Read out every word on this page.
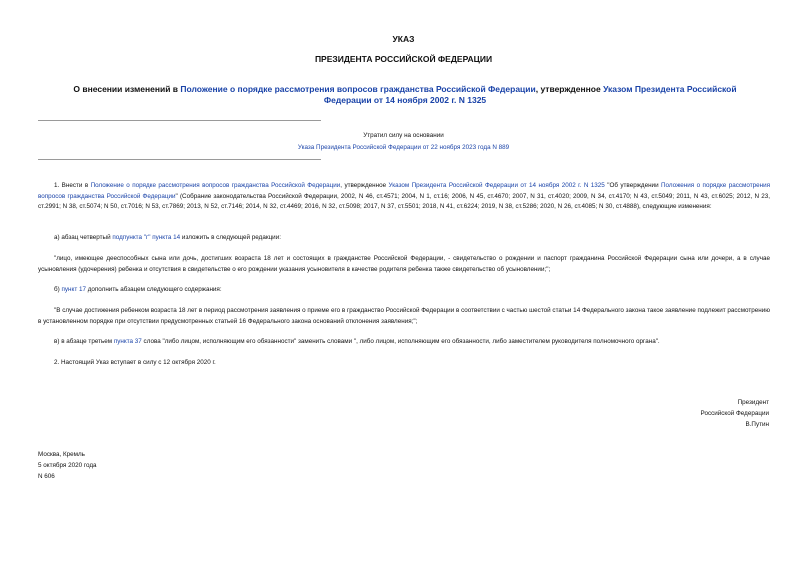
УКАЗ
ПРЕЗИДЕНТА РОССИЙСКОЙ ФЕДЕРАЦИИ
О внесении изменений в Положение о порядке рассмотрения вопросов гражданства Российской Федерации, утвержденное Указом Президента Российской Федерации от 14 ноября 2002 г. N 1325
Утратил силу на основании
Указа Президента Российской Федерации от 22 ноября 2023 года N 889
1. Внести в Положение о порядке рассмотрения вопросов гражданства Российской Федерации, утвержденное Указом Президента Российской Федерации от 14 ноября 2002 г. N 1325 "Об утверждении Положения о порядке рассмотрения вопросов гражданства Российской Федерации" (Собрание законодательства Российской Федерации, 2002, N 46, ст.4571; 2004, N 1, ст.16; 2006, N 45, ст.4670; 2007, N 31, ст.4020; 2009, N 34, ст.4170; N 43, ст.5049; 2011, N 43, ст.6025; 2012, N 23, ст.2991; N 38, ст.5074; N 50, ст.7016; N 53, ст.7869; 2013, N 52, ст.7146; 2014, N 32, ст.4469; 2016, N 32, ст.5098; 2017, N 37, ст.5501; 2018, N 41, ст.6224; 2019, N 38, ст.5286; 2020, N 26, ст.4085; N 30, ст.4888), следующие изменения:
а) абзац четвертый подпункта "г" пункта 14 изложить в следующей редакции:
"лицо, имеющее дееспособных сына или дочь, достигших возраста 18 лет и состоящих в гражданстве Российской Федерации, - свидетельство о рождении и паспорт гражданина Российской Федерации сына или дочери, а в случае усыновления (удочерения) ребенка и отсутствия в свидетельстве о его рождении указания усыновителя в качестве родителя ребенка также свидетельство об усыновлении;";
б) пункт 17 дополнить абзацем следующего содержания:
"В случае достижения ребенком возраста 18 лет в период рассмотрения заявления о приеме его в гражданство Российской Федерации в соответствии с частью шестой статьи 14 Федерального закона такое заявление подлежит рассмотрению в установленном порядке при отсутствии предусмотренных статьей 16 Федерального закона оснований отклонения заявления;";
в) в абзаце третьем пункта 37 слова "либо лицом, исполняющим его обязанности" заменить словами ", либо лицом, исполняющим его обязанности, либо заместителем руководителя полномочного органа".
2. Настоящий Указ вступает в силу с 12 октября 2020 г.
Президент
Российской Федерации
В.Путин
Москва, Кремль
5 октября 2020 года
N 606
